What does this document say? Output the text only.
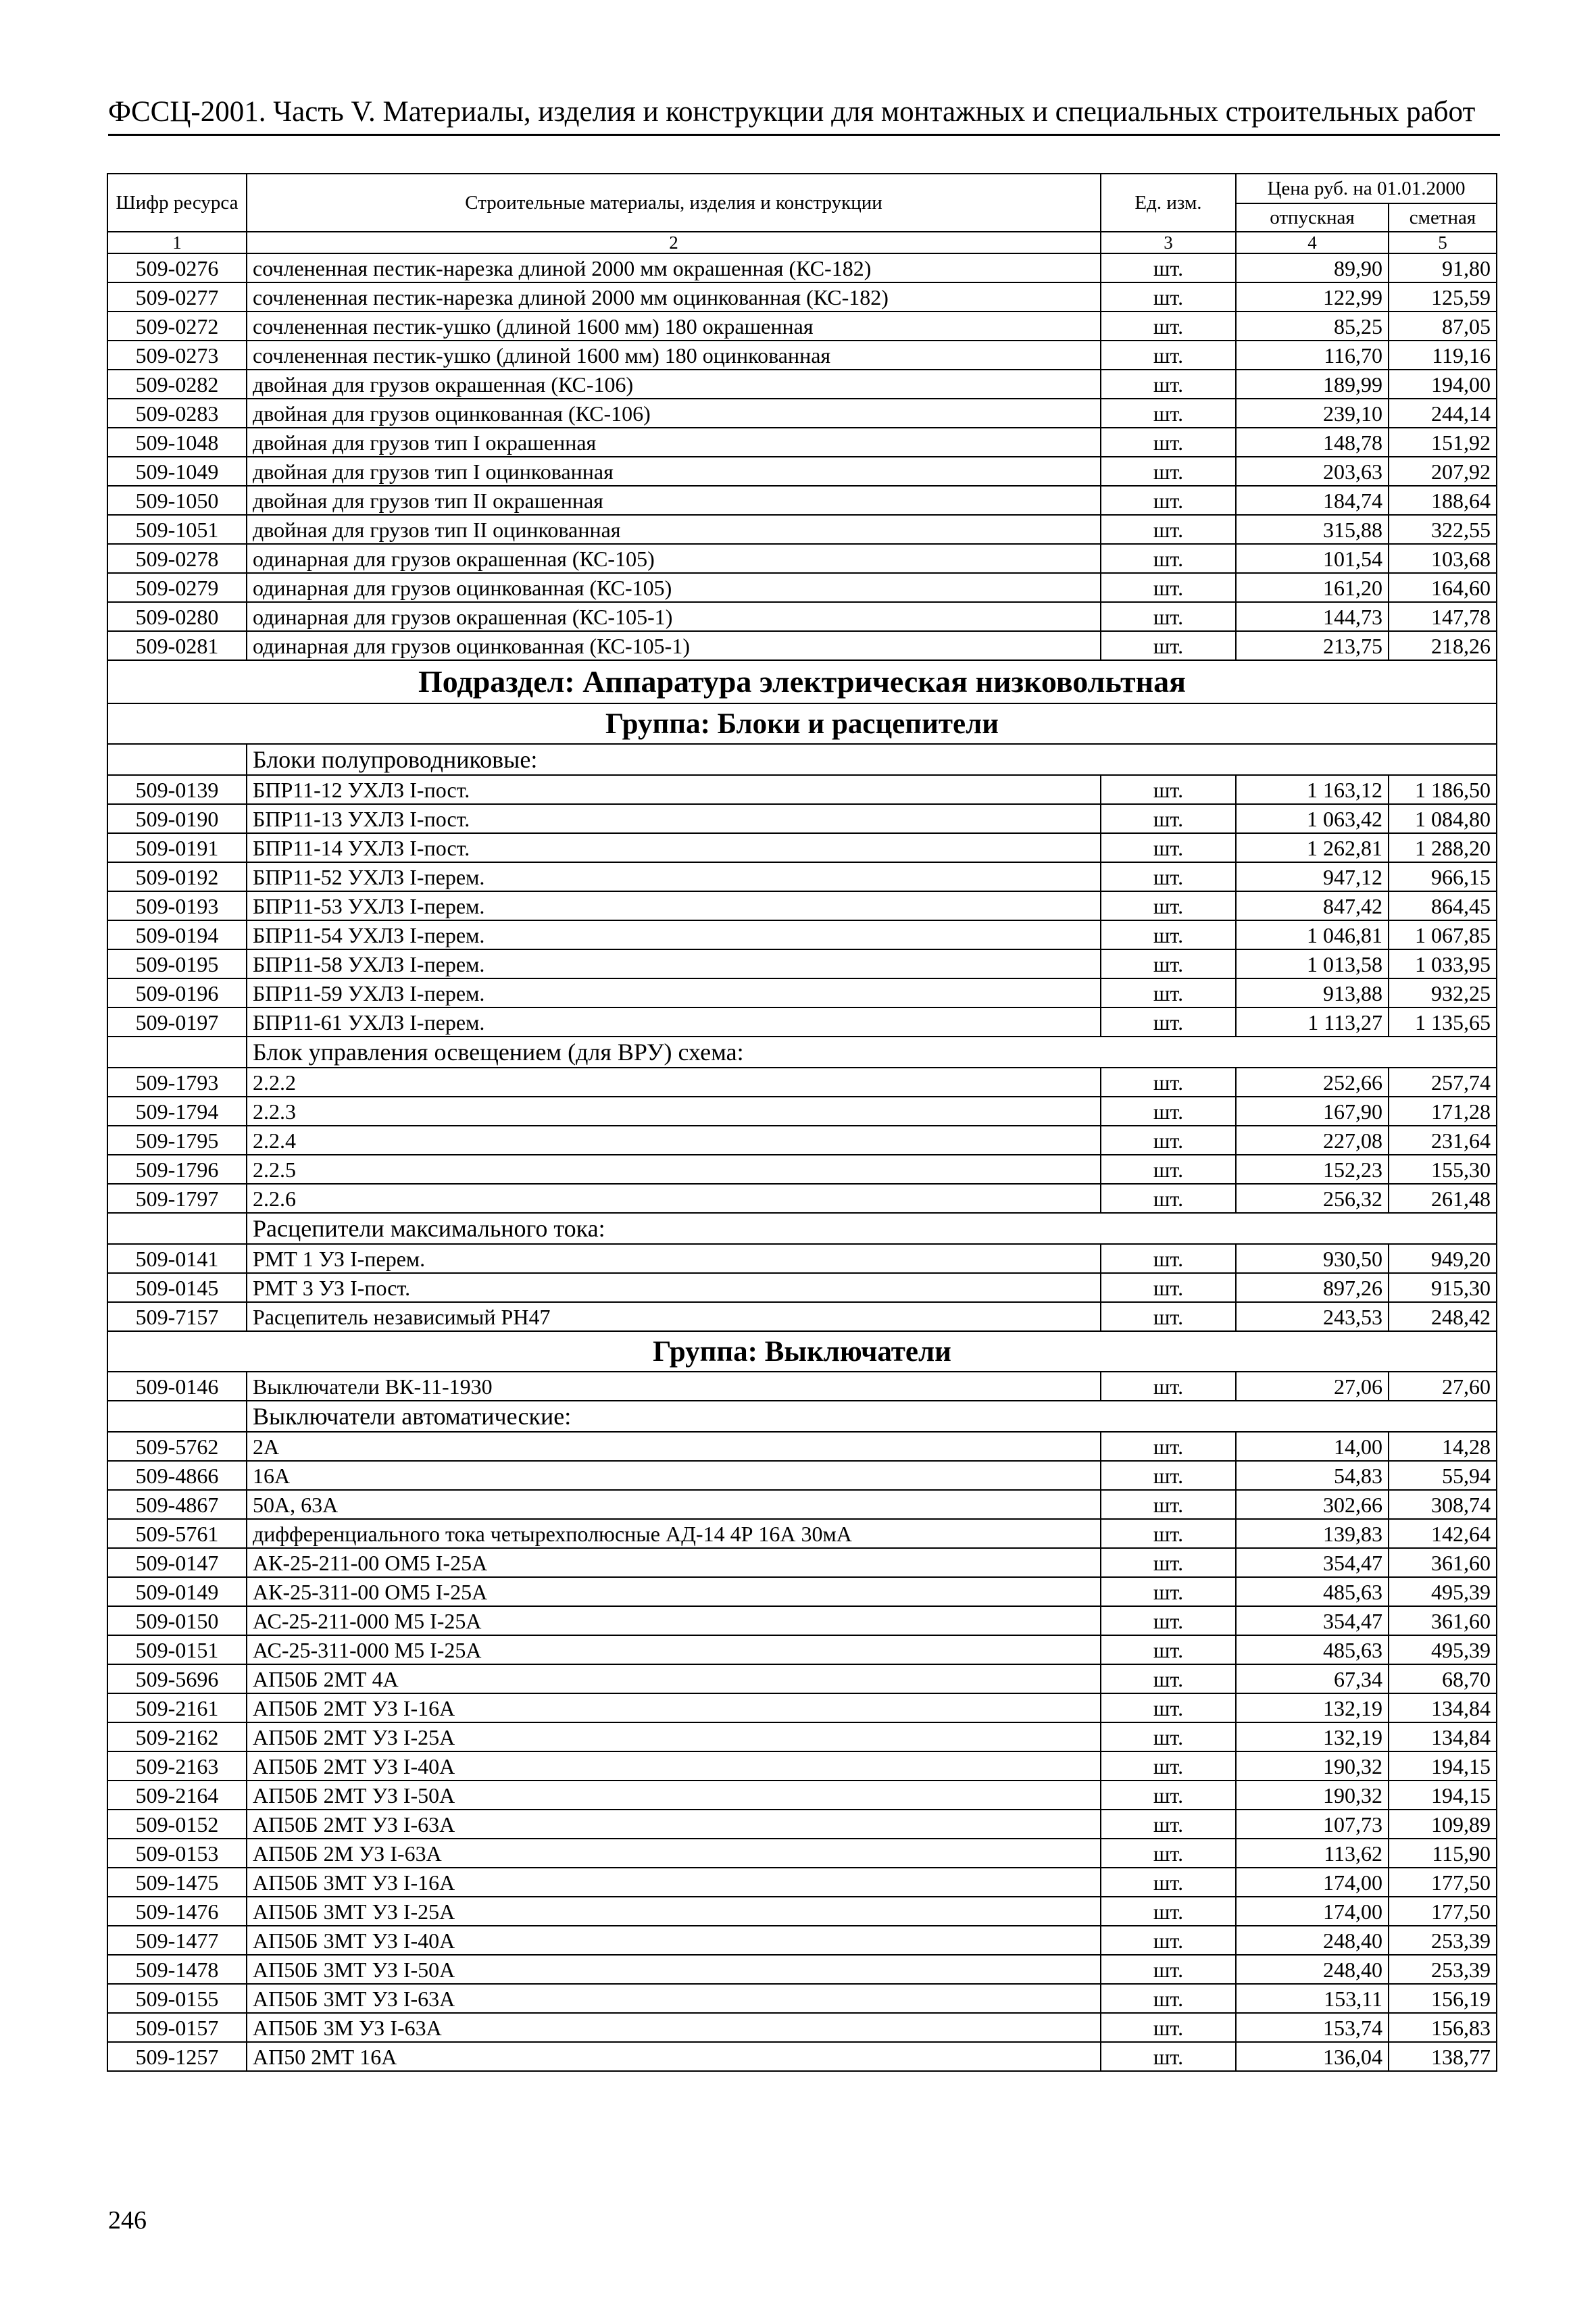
ФССЦ-2001. Часть V. Материалы, изделия и конструкции для монтажных и специальных строительных работ
Шифр ресурса	Строительные материалы, изделия и конструкции	Ед. изм.	Цена руб. на 01.01.2000	
			отпускная	сметная
1	2	3	4	5
509-0276	сочлененная пестик-нарезка длиной 2000 мм окрашенная (КС-182)	шт.	89,90	91,80
509-0277	сочлененная пестик-нарезка длиной 2000 мм оцинкованная (КС-182)	шт.	122,99	125,59
509-0272	сочлененная пестик-ушко (длиной 1600 мм) 180 окрашенная	шт.	85,25	87,05
509-0273	сочлененная пестик-ушко (длиной 1600 мм) 180 оцинкованная	шт.	116,70	119,16
509-0282	двойная для грузов окрашенная (КС-106)	шт.	189,99	194,00
509-0283	двойная для грузов оцинкованная (КС-106)	шт.	239,10	244,14
509-1048	двойная для грузов тип I окрашенная	шт.	148,78	151,92
509-1049	двойная для грузов тип I оцинкованная	шт.	203,63	207,92
509-1050	двойная для грузов тип II окрашенная	шт.	184,74	188,64
509-1051	двойная для грузов тип II оцинкованная	шт.	315,88	322,55
509-0278	одинарная для грузов окрашенная (КС-105)	шт.	101,54	103,68
509-0279	одинарная для грузов оцинкованная (КС-105)	шт.	161,20	164,60
509-0280	одинарная для грузов окрашенная (КС-105-1)	шт.	144,73	147,78
509-0281	одинарная для грузов оцинкованная (КС-105-1)	шт.	213,75	218,26
Подраздел: Аппаратура электрическая низковольтная				
Группа: Блоки и расцепители				
	Блоки полупроводниковые:			
509-0139	БПР11-12 УХЛЗ I-пост.	шт.	1 163,12	1 186,50
509-0190	БПР11-13 УХЛЗ I-пост.	шт.	1 063,42	1 084,80
509-0191	БПР11-14 УХЛЗ I-пост.	шт.	1 262,81	1 288,20
509-0192	БПР11-52 УХЛЗ I-перем.	шт.	947,12	966,15
509-0193	БПР11-53 УХЛЗ I-перем.	шт.	847,42	864,45
509-0194	БПР11-54 УХЛЗ I-перем.	шт.	1 046,81	1 067,85
509-0195	БПР11-58 УХЛЗ I-перем.	шт.	1 013,58	1 033,95
509-0196	БПР11-59 УХЛЗ I-перем.	шт.	913,88	932,25
509-0197	БПР11-61 УХЛЗ I-перем.	шт.	1 113,27	1 135,65
	Блок управления освещением (для ВРУ) схема:			
509-1793	2.2.2	шт.	252,66	257,74
509-1794	2.2.3	шт.	167,90	171,28
509-1795	2.2.4	шт.	227,08	231,64
509-1796	2.2.5	шт.	152,23	155,30
509-1797	2.2.6	шт.	256,32	261,48
	Расцепители максимального тока:			
509-0141	РМТ 1 УЗ I-перем.	шт.	930,50	949,20
509-0145	РМТ 3 УЗ I-пост.	шт.	897,26	915,30
509-7157	Расцепитель независимый РН47	шт.	243,53	248,42
Группа: Выключатели				
509-0146	Выключатели ВК-11-1930	шт.	27,06	27,60
	Выключатели автоматические:			
509-5762	2А	шт.	14,00	14,28
509-4866	16А	шт.	54,83	55,94
509-4867	50А, 63А	шт.	302,66	308,74
509-5761	дифференциального тока четырехполюсные АД-14 4Р 16А 30мА	шт.	139,83	142,64
509-0147	АК-25-211-00 ОМ5 I-25А	шт.	354,47	361,60
509-0149	АК-25-311-00 ОМ5 I-25А	шт.	485,63	495,39
509-0150	АС-25-211-000 М5 I-25А	шт.	354,47	361,60
509-0151	АС-25-311-000 М5 I-25А	шт.	485,63	495,39
509-5696	АП50Б 2МТ 4А	шт.	67,34	68,70
509-2161	АП50Б 2МТ УЗ I-16А	шт.	132,19	134,84
509-2162	АП50Б 2МТ УЗ I-25А	шт.	132,19	134,84
509-2163	АП50Б 2МТ УЗ I-40А	шт.	190,32	194,15
509-2164	АП50Б 2МТ УЗ I-50А	шт.	190,32	194,15
509-0152	АП50Б 2МТ УЗ I-63А	шт.	107,73	109,89
509-0153	АП50Б 2М УЗ I-63А	шт.	113,62	115,90
509-1475	АП50Б 3МТ УЗ I-16А	шт.	174,00	177,50
509-1476	АП50Б 3МТ УЗ I-25А	шт.	174,00	177,50
509-1477	АП50Б 3МТ УЗ I-40А	шт.	248,40	253,39
509-1478	АП50Б 3МТ УЗ I-50А	шт.	248,40	253,39
509-0155	АП50Б 3МТ УЗ I-63А	шт.	153,11	156,19
509-0157	АП50Б 3М УЗ I-63А	шт.	153,74	156,83
509-1257	АП50 2МТ 16А	шт.	136,04	138,77
246
